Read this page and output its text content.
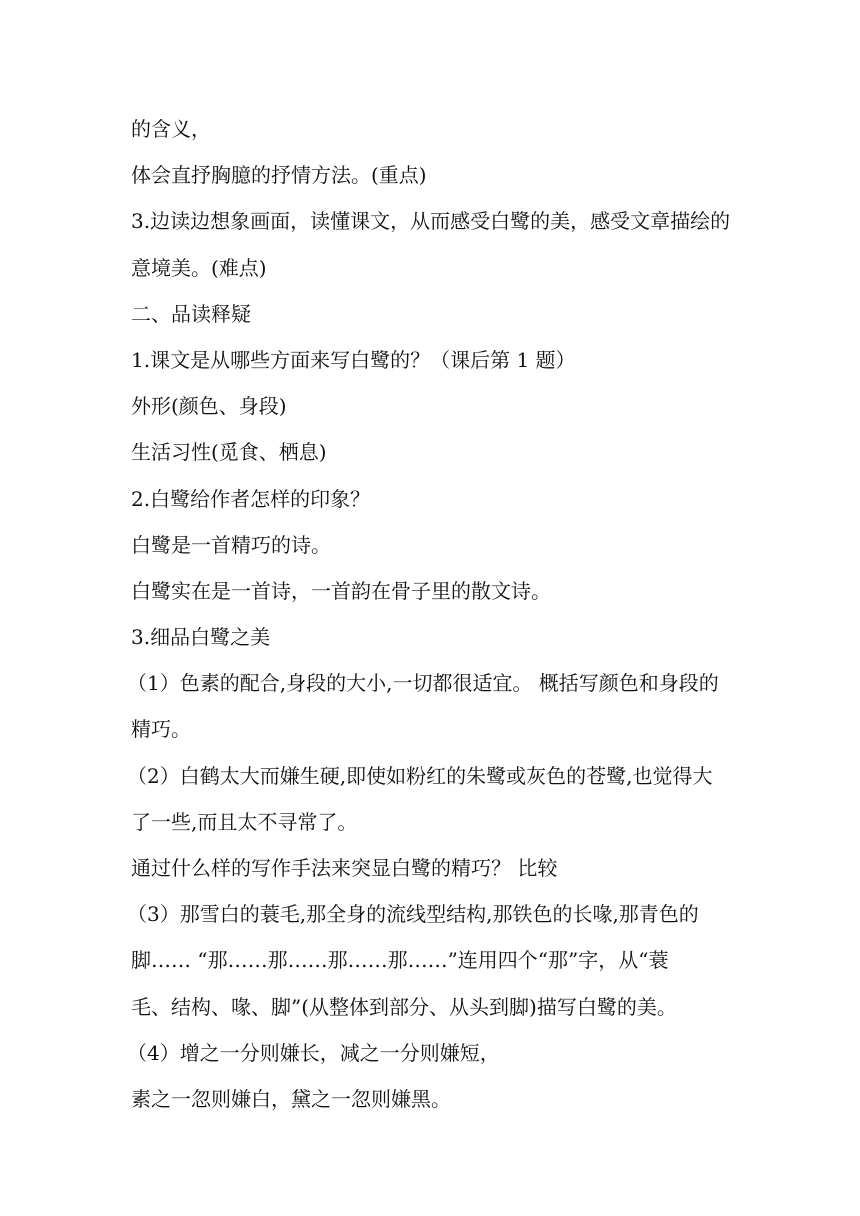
的含义，
体会直抒胸臆的抒情方法。(重点)
3.边读边想象画面，读懂课文，从而感受白鹭的美，感受文章描绘的
意境美。(难点)
二、品读释疑
1.课文是从哪些方面来写白鹭的？（课后第 1 题）
外形(颜色、身段)
生活习性(觅食、栖息)
2.白鹭给作者怎样的印象？
白鹭是一首精巧的诗。
白鹭实在是一首诗，一首韵在骨子里的散文诗。
3.细品白鹭之美
（1）色素的配合,身段的大小,一切都很适宜。 概括写颜色和身段的
精巧。
（2）白鹤太大而嫌生硬,即使如粉红的朱鹭或灰色的苍鹭,也觉得大
了一些,而且太不寻常了。
通过什么样的写作手法来突显白鹭的精巧？ 比较
（3）那雪白的蓑毛,那全身的流线型结构,那铁色的长喙,那青色的
脚…… “那……那……那……那……”连用四个“那”字，从“蓑
毛、结构、喙、脚”(从整体到部分、从头到脚)描写白鹭的美。
（4）增之一分则嫌长，减之一分则嫌短，
素之一忽则嫌白，黛之一忽则嫌黑。
